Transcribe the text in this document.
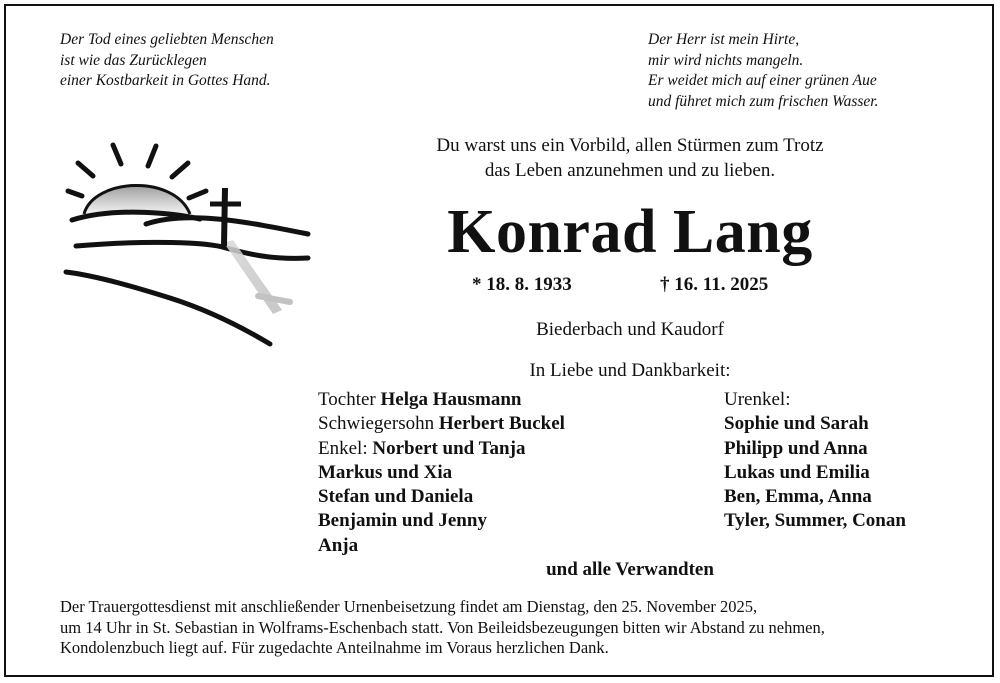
Der Tod eines geliebten Menschen
ist wie das Zurücklegen
einer Kostbarkeit in Gottes Hand.
Der Herr ist mein Hirte,
mir wird nichts mangeln.
Er weidet mich auf einer grünen Aue
und führet mich zum frischen Wasser.
Du warst uns ein Vorbild, allen Stürmen zum Trotz
das Leben anzunehmen und zu lieben.
Konrad Lang
* 18. 8. 1933	† 16. 11. 2025
Biederbach und Kaudorf
In Liebe und Dankbarkeit:
Tochter Helga Hausmann
Schwiegersohn Herbert Buckel
Enkel: Norbert und Tanja
Markus und Xia
Stefan und Daniela
Benjamin und Jenny
Anja
Urenkel:
Sophie und Sarah
Philipp und Anna
Lukas und Emilia
Ben, Emma, Anna
Tyler, Summer, Conan
und alle Verwandten
Der Trauergottesdienst mit anschließender Urnenbeisetzung findet am Dienstag, den 25. November 2025,
um 14 Uhr in St. Sebastian in Wolframs-Eschenbach statt. Von Beileidsbezeugungen bitten wir Abstand zu nehmen,
Kondolenzbuch liegt auf. Für zugedachte Anteilnahme im Voraus herzlichen Dank.
